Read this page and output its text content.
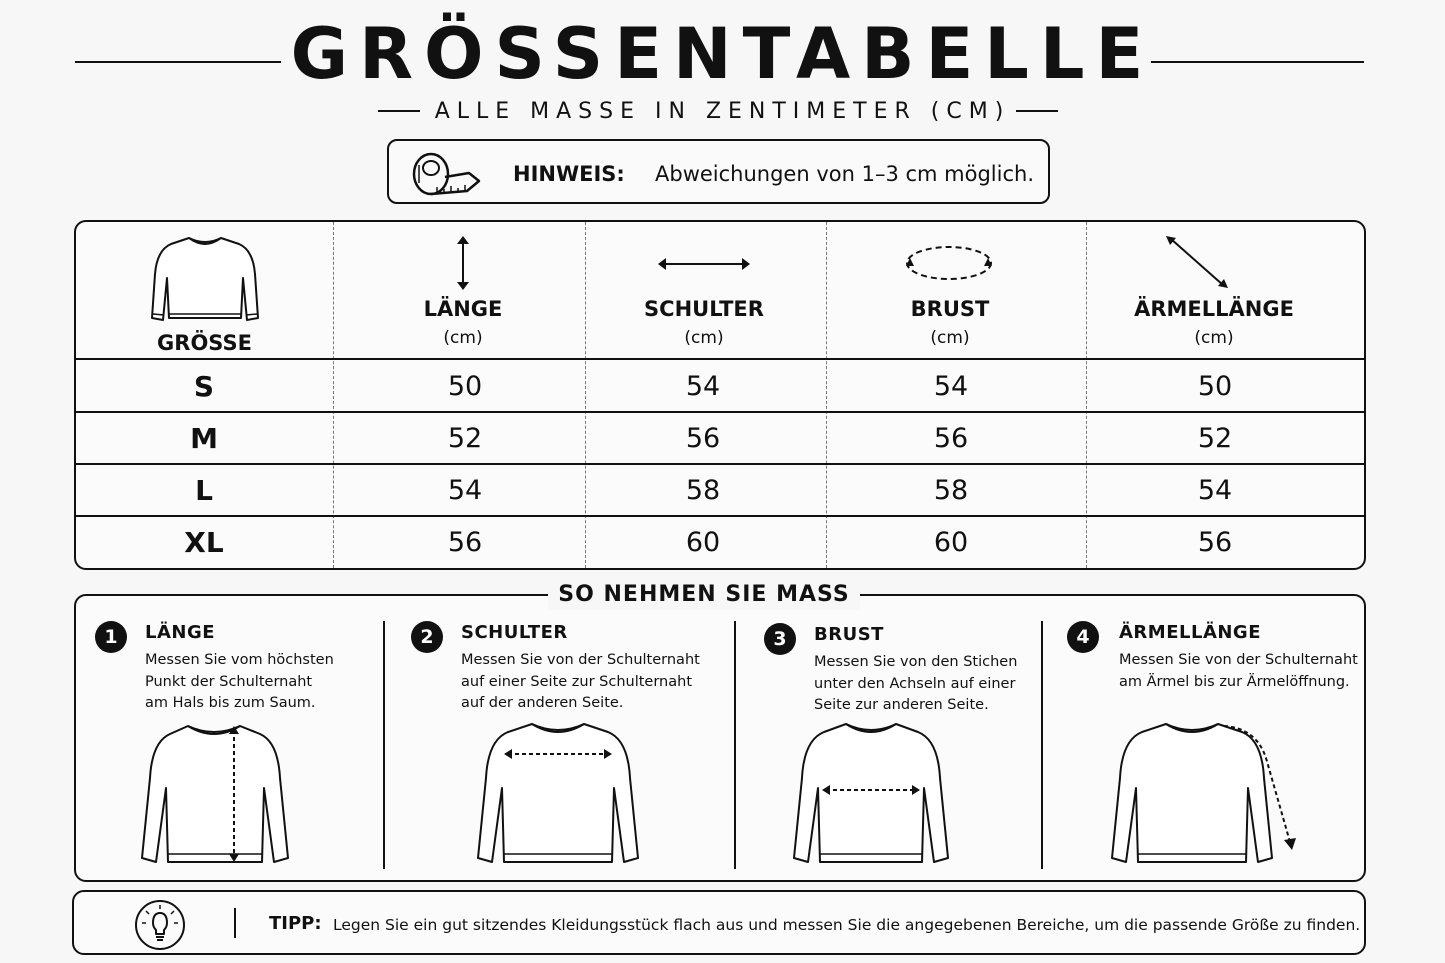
GRÖSSENTABELLE
ALLE MASSE IN ZENTIMETER (CM)
HINWEIS: Abweichungen von 1–3 cm möglich.
GRÖSSE
LÄNGE
(cm)
SCHULTER
(cm)
BRUST
(cm)
ÄRMELLÄNGE
(cm)
S	50	54	54	50
M	52	56	56	52
L	54	58	58	54
XL	56	60	60	56
1	LÄNGE
Messen Sie vom höchsten
Punkt der Schulternaht
am Hals bis zum Saum.
2	SCHULTER
Messen Sie von der Schulternaht
auf einer Seite zur Schulternaht
auf der anderen Seite.
3	BRUST
Messen Sie von den Stichen
unter den Achseln auf einer
Seite zur anderen Seite.
4	ÄRMELLÄNGE
Messen Sie von der Schulternaht
am Ärmel bis zur Ärmelöffnung.
SO NEHMEN SIE MASS
TIPP: Legen Sie ein gut sitzendes Kleidungsstück flach aus und messen Sie die angegebenen Bereiche, um die passende Größe zu finden.
